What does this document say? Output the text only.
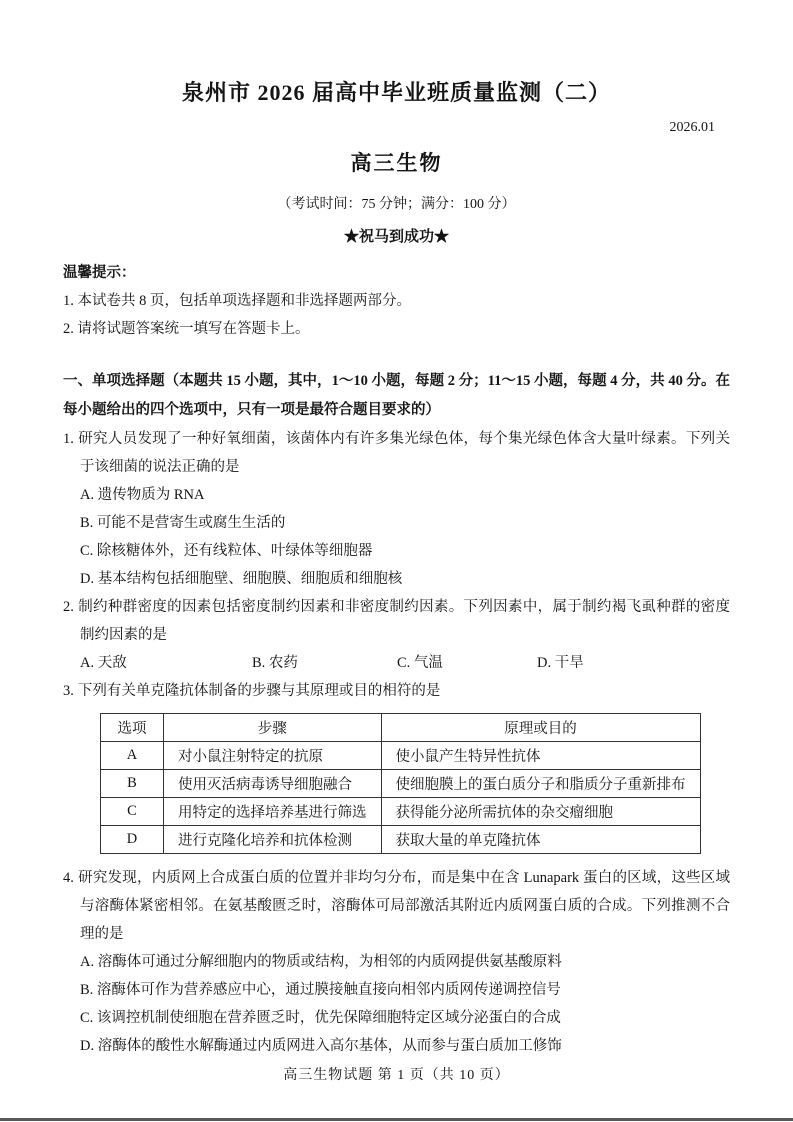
泉州市 2026 届高中毕业班质量监测（二）
2026.01
高三生物
（考试时间：75 分钟；满分：100 分）
★祝马到成功★
温馨提示：
1. 本试卷共 8 页，包括单项选择题和非选择题两部分。
2. 请将试题答案统一填写在答题卡上。
一、单项选择题（本题共 15 小题，其中，1～10 小题，每题 2 分；11～15 小题，每题 4 分，共 40 分。在每小题给出的四个选项中，只有一项是最符合题目要求的）
1. 研究人员发现了一种好氧细菌，该菌体内有许多集光绿色体，每个集光绿色体含大量叶绿素。下列关于该细菌的说法正确的是
A. 遗传物质为 RNA
B. 可能不是营寄生或腐生生活的
C. 除核糖体外，还有线粒体、叶绿体等细胞器
D. 基本结构包括细胞壁、细胞膜、细胞质和细胞核
2. 制约种群密度的因素包括密度制约因素和非密度制约因素。下列因素中，属于制约褐飞虱种群的密度制约因素的是
A. 天敌	B. 农药	C. 气温	D. 干旱
3. 下列有关单克隆抗体制备的步骤与其原理或目的相符的是
选项	步骤	原理或目的
A	对小鼠注射特定的抗原	使小鼠产生特异性抗体
B	使用灭活病毒诱导细胞融合	使细胞膜上的蛋白质分子和脂质分子重新排布
C	用特定的选择培养基进行筛选	获得能分泌所需抗体的杂交瘤细胞
D	进行克隆化培养和抗体检测	获取大量的单克隆抗体
4. 研究发现，内质网上合成蛋白质的位置并非均匀分布，而是集中在含 Lunapark 蛋白的区域，这些区域与溶酶体紧密相邻。在氨基酸匮乏时，溶酶体可局部激活其附近内质网蛋白质的合成。下列推测不合理的是
A. 溶酶体可通过分解细胞内的物质或结构，为相邻的内质网提供氨基酸原料
B. 溶酶体可作为营养感应中心，通过膜接触直接向相邻内质网传递调控信号
C. 该调控机制使细胞在营养匮乏时，优先保障细胞特定区域分泌蛋白的合成
D. 溶酶体的酸性水解酶通过内质网进入高尔基体，从而参与蛋白质加工修饰
高三生物试题 第 1 页（共 10 页）
